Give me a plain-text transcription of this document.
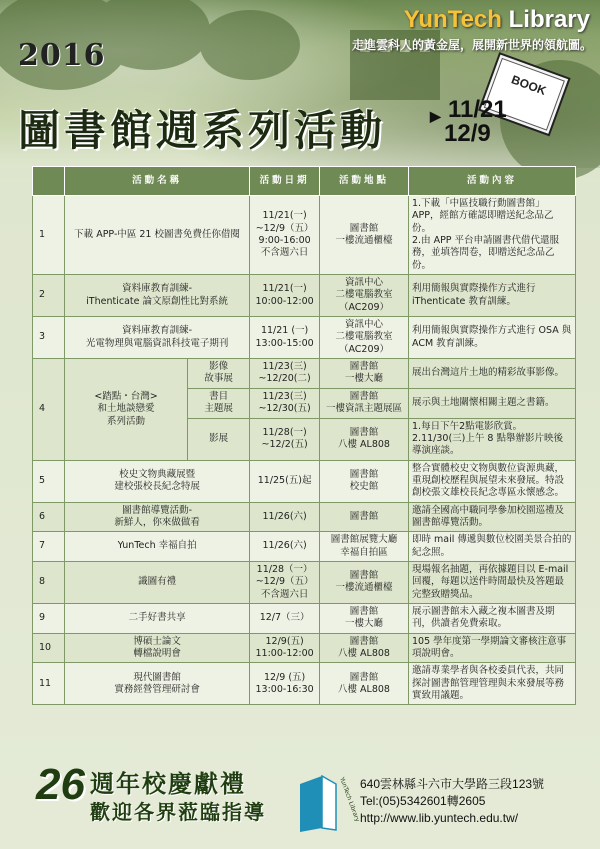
2016
圖書館週系列活動
YunTech Library
走進雲科人的黃金屋，展開新世界的領航圖。
BOOK
▶ 11/21
12/9
	活動名稱		活動日期	活動地點	活動內容
1	下載 APP-中區 21 校圖書免費任你借閱		11/21(一)
~12/9（五）
9:00-16:00
不含週六日	圖書館
一樓流通櫃檯	1.下載「中區技職行動圖書館」APP，經館方確認即贈送紀念品乙份。
2.由 APP 平台申請圖書代借代還服務，並填答問卷，即贈送紀念品乙份。
2	資料庫教育訓練-
iThenticate 論文原創性比對系統		11/21(一)
10:00-12:00	資訊中心
二樓電腦教室
（AC209）	利用簡報與實際操作方式進行 iThenticate 教育訓練。
3	資料庫教育訓練-
光電物理與電腦資訊科技電子期刊		11/21 (一)
13:00-15:00	資訊中心
二樓電腦教室
（AC209）	利用簡報與實際操作方式進行 OSA 與 ACM 教育訓練。
4	<踏點・台灣>
和土地談戀愛
系列活動	影像
故事展	11/23(三)
~12/20(二)	圖書館
一樓大廳	展出台灣這片土地的精彩故事影像。
		書目
主題展	11/23(三)
~12/30(五)	圖書館
一樓資訊主題展區	展示與土地關懷相關主題之書籍。
		影展	11/28(一)
~12/2(五)	圖書館
八樓 AL808	1.每日下午2點電影欣賞。
2.11/30(三)上午 8 點舉辦影片映後導演座談。
5	校史文物典藏展暨
建校張校長紀念特展		11/25(五)起	圖書館
校史館	整合實體校史文物與數位資源典藏，重現創校歷程與展望未來發展。特設創校張文雄校長紀念專區永懷感念。
6	圖書館導覽活動-
新鮮人，你來做做看		11/26(六)	圖書館	邀請全國高中職同學參加校園巡禮及圖書館導覽活動。
7	YunTech 幸福自拍		11/26(六)	圖書館展覽大廳
幸福自拍區	即時 mail 傳遞與數位校園美景合拍的紀念照。
8	識圖有禮		11/28（一）
~12/9（五）
不含週六日	圖書館
一樓流通櫃檯	現場報名抽題，再依據題目以 E-mail 回覆，每題以送件時間最快及答題最完整致贈獎品。
9	二手好書共享		12/7（三）	圖書館
一樓大廳	展示圖書館未入藏之複本圖書及期刊，供讀者免費索取。
10	博碩士論文
轉檔說明會		12/9(五)
11:00-12:00	圖書館
八樓 AL808	105 學年度第一學期論文審核注意事項說明會。
11	現代圖書館
實務經營管理研討會		12/9 (五)
13:00-16:30	圖書館
八樓 AL808	邀請專業學者與各校委員代表，共同探討圖書館管理管理與未來發展等務實致用議題。
26 週年校慶獻禮
歡迎各界蒞臨指導	YunTech Library 640雲林縣斗六市大學路三段123號
Tel:(05)5342601轉2605
http://www.lib.yuntech.edu.tw/
